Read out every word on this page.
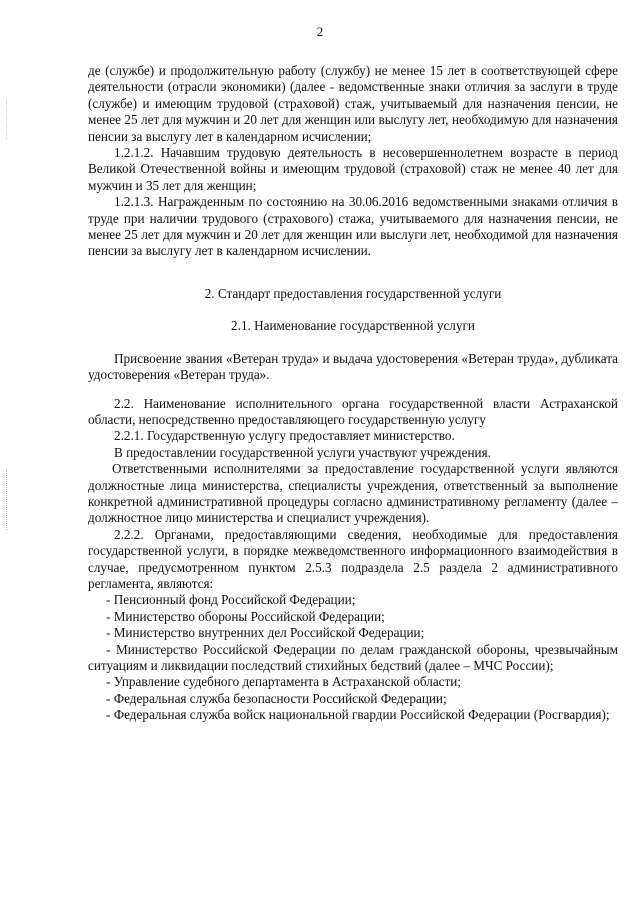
2

де (службе) и продолжительную работу (службу) не менее 15 лет в соответствующей сфере деятельности (отрасли экономики) (далее - ведомственные знаки отличия за заслуги в труде (службе) и имеющим трудовой (страховой) стаж, учитываемый для назначения пенсии, не менее 25 лет для мужчин и 20 лет для женщин или выслугу лет, необходимую для назначения пенсии за выслугу лет в календарном исчислении;

1.2.1.2. Начавшим трудовую деятельность в несовершеннолетнем возрасте в период Великой Отечественной войны и имеющим трудовой (страховой) стаж не менее 40 лет для мужчин и 35 лет для женщин;

1.2.1.3. Награжденным по состоянию на 30.06.2016 ведомственными знаками отличия в труде при наличии трудового (страхового) стажа, учитываемого для назначения пенсии, не менее 25 лет для мужчин и 20 лет для женщин или выслуги лет, необходимой для назначения пенсии за выслугу лет в календарном исчислении.

2. Стандарт предоставления государственной услуги

2.1. Наименование государственной услуги

Присвоение звания «Ветеран труда» и выдача удостоверения «Ветеран труда», дубликата удостоверения «Ветеран труда».

2.2. Наименование исполнительного органа государственной власти Астраханской области, непосредственно предоставляющего государственную услугу

2.2.1. Государственную услугу предоставляет министерство.

В предоставлении государственной услуги участвуют учреждения.

Ответственными исполнителями за предоставление государственной услуги являются должностные лица министерства, специалисты учреждения, ответственный за выполнение конкретной административной процедуры согласно административному регламенту (далее – должностное лицо министерства и специалист учреждения).

2.2.2. Органами, предоставляющими сведения, необходимые для предоставления государственной услуги, в порядке межведомственного информационного взаимодействия в случае, предусмотренном пунктом 2.5.3 подраздела 2.5 раздела 2 административного регламента, являются:

- Пенсионный фонд Российской Федерации;

- Министерство обороны Российской Федерации;

- Министерство внутренних дел Российской Федерации;

- Министерство Российской Федерации по делам гражданской обороны, чрезвычайным ситуациям и ликвидации последствий стихийных бедствий (далее – МЧС России);

- Управление судебного департамента в Астраханской области;

- Федеральная служба безопасности Российской Федерации;

- Федеральная служба войск национальной гвардии Российской Федерации (Росгвардия);
